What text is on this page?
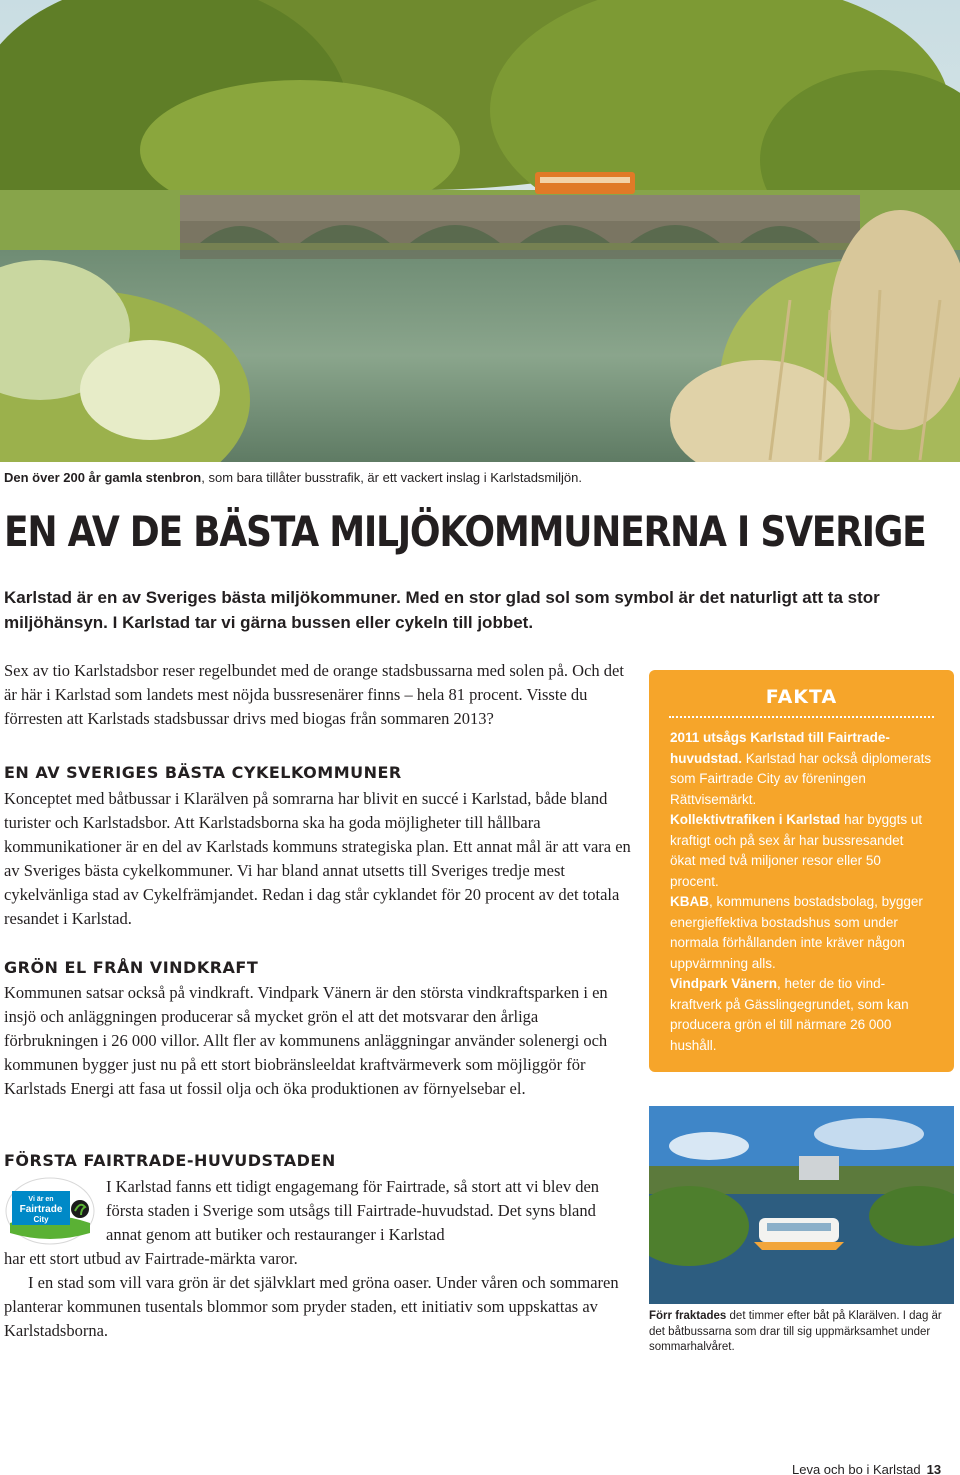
Den över 200 år gamla stenbron, som bara tillåter busstrafik, är ett vackert inslag i Karlstadsmiljön.
EN AV DE BÄSTA MILJÖKOMMUNERNA I SVERIGE

Karlstad är en av Sveriges bästa miljökommuner. Med en stor glad sol som symbol är det naturligt att ta stor miljöhänsyn. I Karlstad tar vi gärna bussen eller cykeln till jobbet.

Sex av tio Karlstadsbor reser regelbundet med de orange stadsbussarna med solen på. Och det är här i Karlstad som landets mest nöjda bussresenärer finns – hela 81 procent. Visste du förresten att Karlstads stadsbussar drivs med biogas från sommaren 2013?

EN AV SVERIGES BÄSTA CYKELKOMMUNER

Konceptet med båtbussar i Klarälven på somrarna har blivit en succé i Karlstad, både bland turister och Karlstadsbor. Att Karlstadsborna ska ha goda möjligheter till hållbara kommunikationer är en del av Karlstads kommuns strategiska plan. Ett annat mål är att vara en av Sveriges bästa cykelkommuner. Vi har bland annat utsetts till Sveriges tredje mest cykelvänliga stad av Cykelfrämjandet. Redan i dag står cyklandet för 20 procent av det totala resandet i Karlstad.

GRÖN EL FRÅN VINDKRAFT

Kommunen satsar också på vindkraft. Vindpark Vänern är den största vindkraftsparken i en insjö och anläggningen producerar så mycket grön el att det motsvarar den årliga förbrukningen i 26 000 villor. Allt fler av kommunens anläggningar använder solenergi och kommunen bygger just nu på ett stort biobränsleeldat kraftvärmeverk som möjliggör för Karlstads Energi att fasa ut fossil olja och öka produktionen av förnyelsebar el.

FÖRSTA FAIRTRADE-HUVUDSTADEN
Vi är en
Fairtrade
City

I Karlstad fanns ett tidigt engagemang för Fairtrade, så stort att vi blev den första staden i Sverige som utsågs till Fairtrade-huvudstad. Det syns bland annat genom att butiker och restauranger i Karlstad

har ett stort utbud av Fairtrade-märkta varor.

I en stad som vill vara grön är det självklart med gröna oaser. Under våren och sommaren planterar kommunen tusentals blommor som pryder staden, ett initiativ som uppskattas av Karlstadsborna.

FAKTA
2011 utsågs Karlstad till Fairtradehuvudstad. Karlstad har också diplomerats som Fairtrade City av föreningen Rättvisemärkt.
Kollektivtrafiken i Karlstad har byggts ut kraftigt och på sex år har bussresandet ökat med två miljoner resor eller 50 procent.
KBAB, kommunens bostadsbolag, bygger energieffektiva bostadshus som under normala förhållanden inte kräver någon uppvärmning alls.
Vindpark Vänern, heter de tio vindkraftverk på Gässlingegrundet, som kan producera grön el till närmare 26 000 hushåll.
Förr fraktades det timmer efter båt på Klarälven. I dag är det båtbussarna som drar till sig uppmärksamhet under sommarhalvåret.
Leva och bo i Karlstad 13
